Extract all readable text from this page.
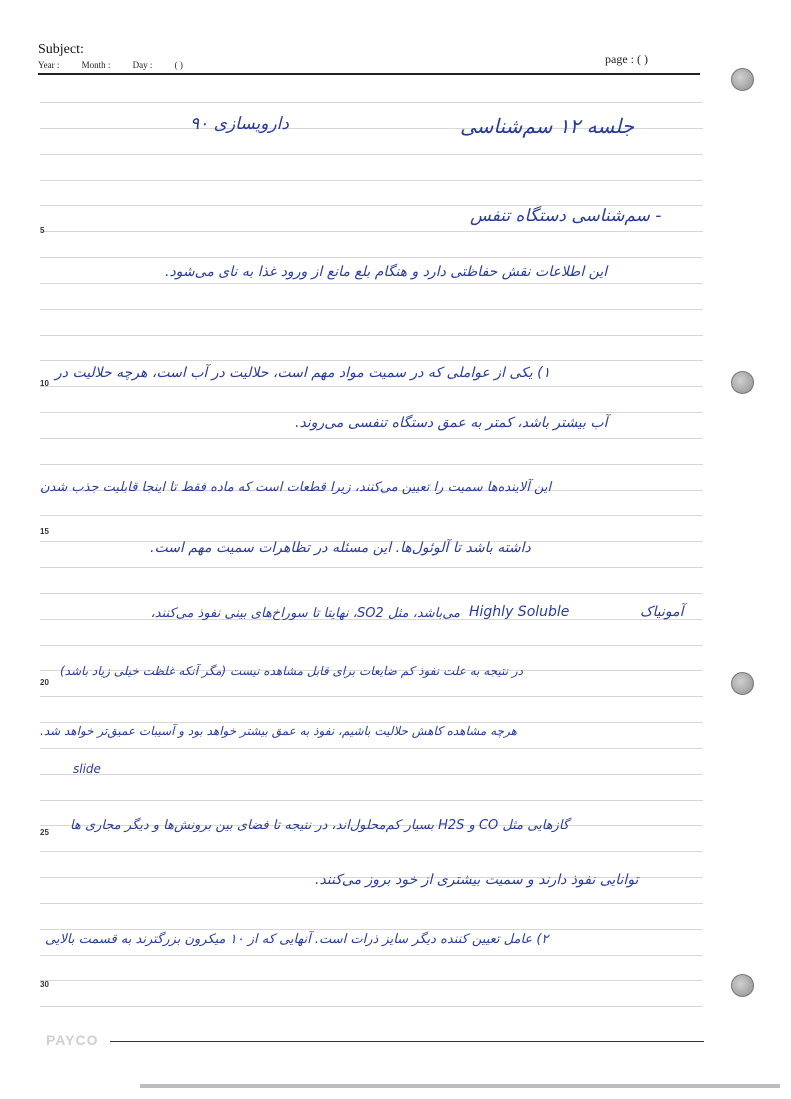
Subject:
Year : Month : Day : ( )	page : ( )
5
10
15
20
25
30
دارویسازی ۹۰	جلسه ۱۲ سم‌شناسی
- سم‌شناسی دستگاه تنفس
این اطلاعات نقش حفاظتی دارد و هنگام بلع مانع از ورود غذا به نای می‌شود.
۱) یکی از عواملی که در سمیت مواد مهم است، حلالیت در آب است، هرچه حلالیت در
آب بیشتر باشد، کمتر به عمق دستگاه تنفسی می‌روند.
این آلاینده‌ها سمیت را تعیین می‌کنند، زیرا قطعات است که ماده فقط تا اینجا قابلیت جذب شدن
داشته باشد تا آلوئول‌ها. این مسئله در تظاهرات سمیت مهم است.
آمونیاک
Highly Soluble
می‌باشد، مثل SO2، نهایتاً تا سوراخ‌های بینی نفوذ می‌کنند،
در نتیجه به علت نفوذ کم ضایعات برای قابل مشاهده نیست (مگر آنکه غلظت خیلی زیاد باشد)
هرچه مشاهده کاهش حلالیت باشیم، نفوذ به عمق بیشتر خواهد بود و آسیبات عمیق‌تر خواهد شد.
slide
گازهایی مثل CO و H2S بسیار کم‌محلول‌اند، در نتیجه تا فضای بین برونش‌ها و دیگر مجاری ها
توانایی نفوذ دارند و سمیت بیشتری از خود بروز می‌کنند.
۲) عامل تعیین کننده دیگر سایز ذرات است. آنهایی که از ۱۰ میکرون بزرگترند به قسمت بالایی
PAYCO
